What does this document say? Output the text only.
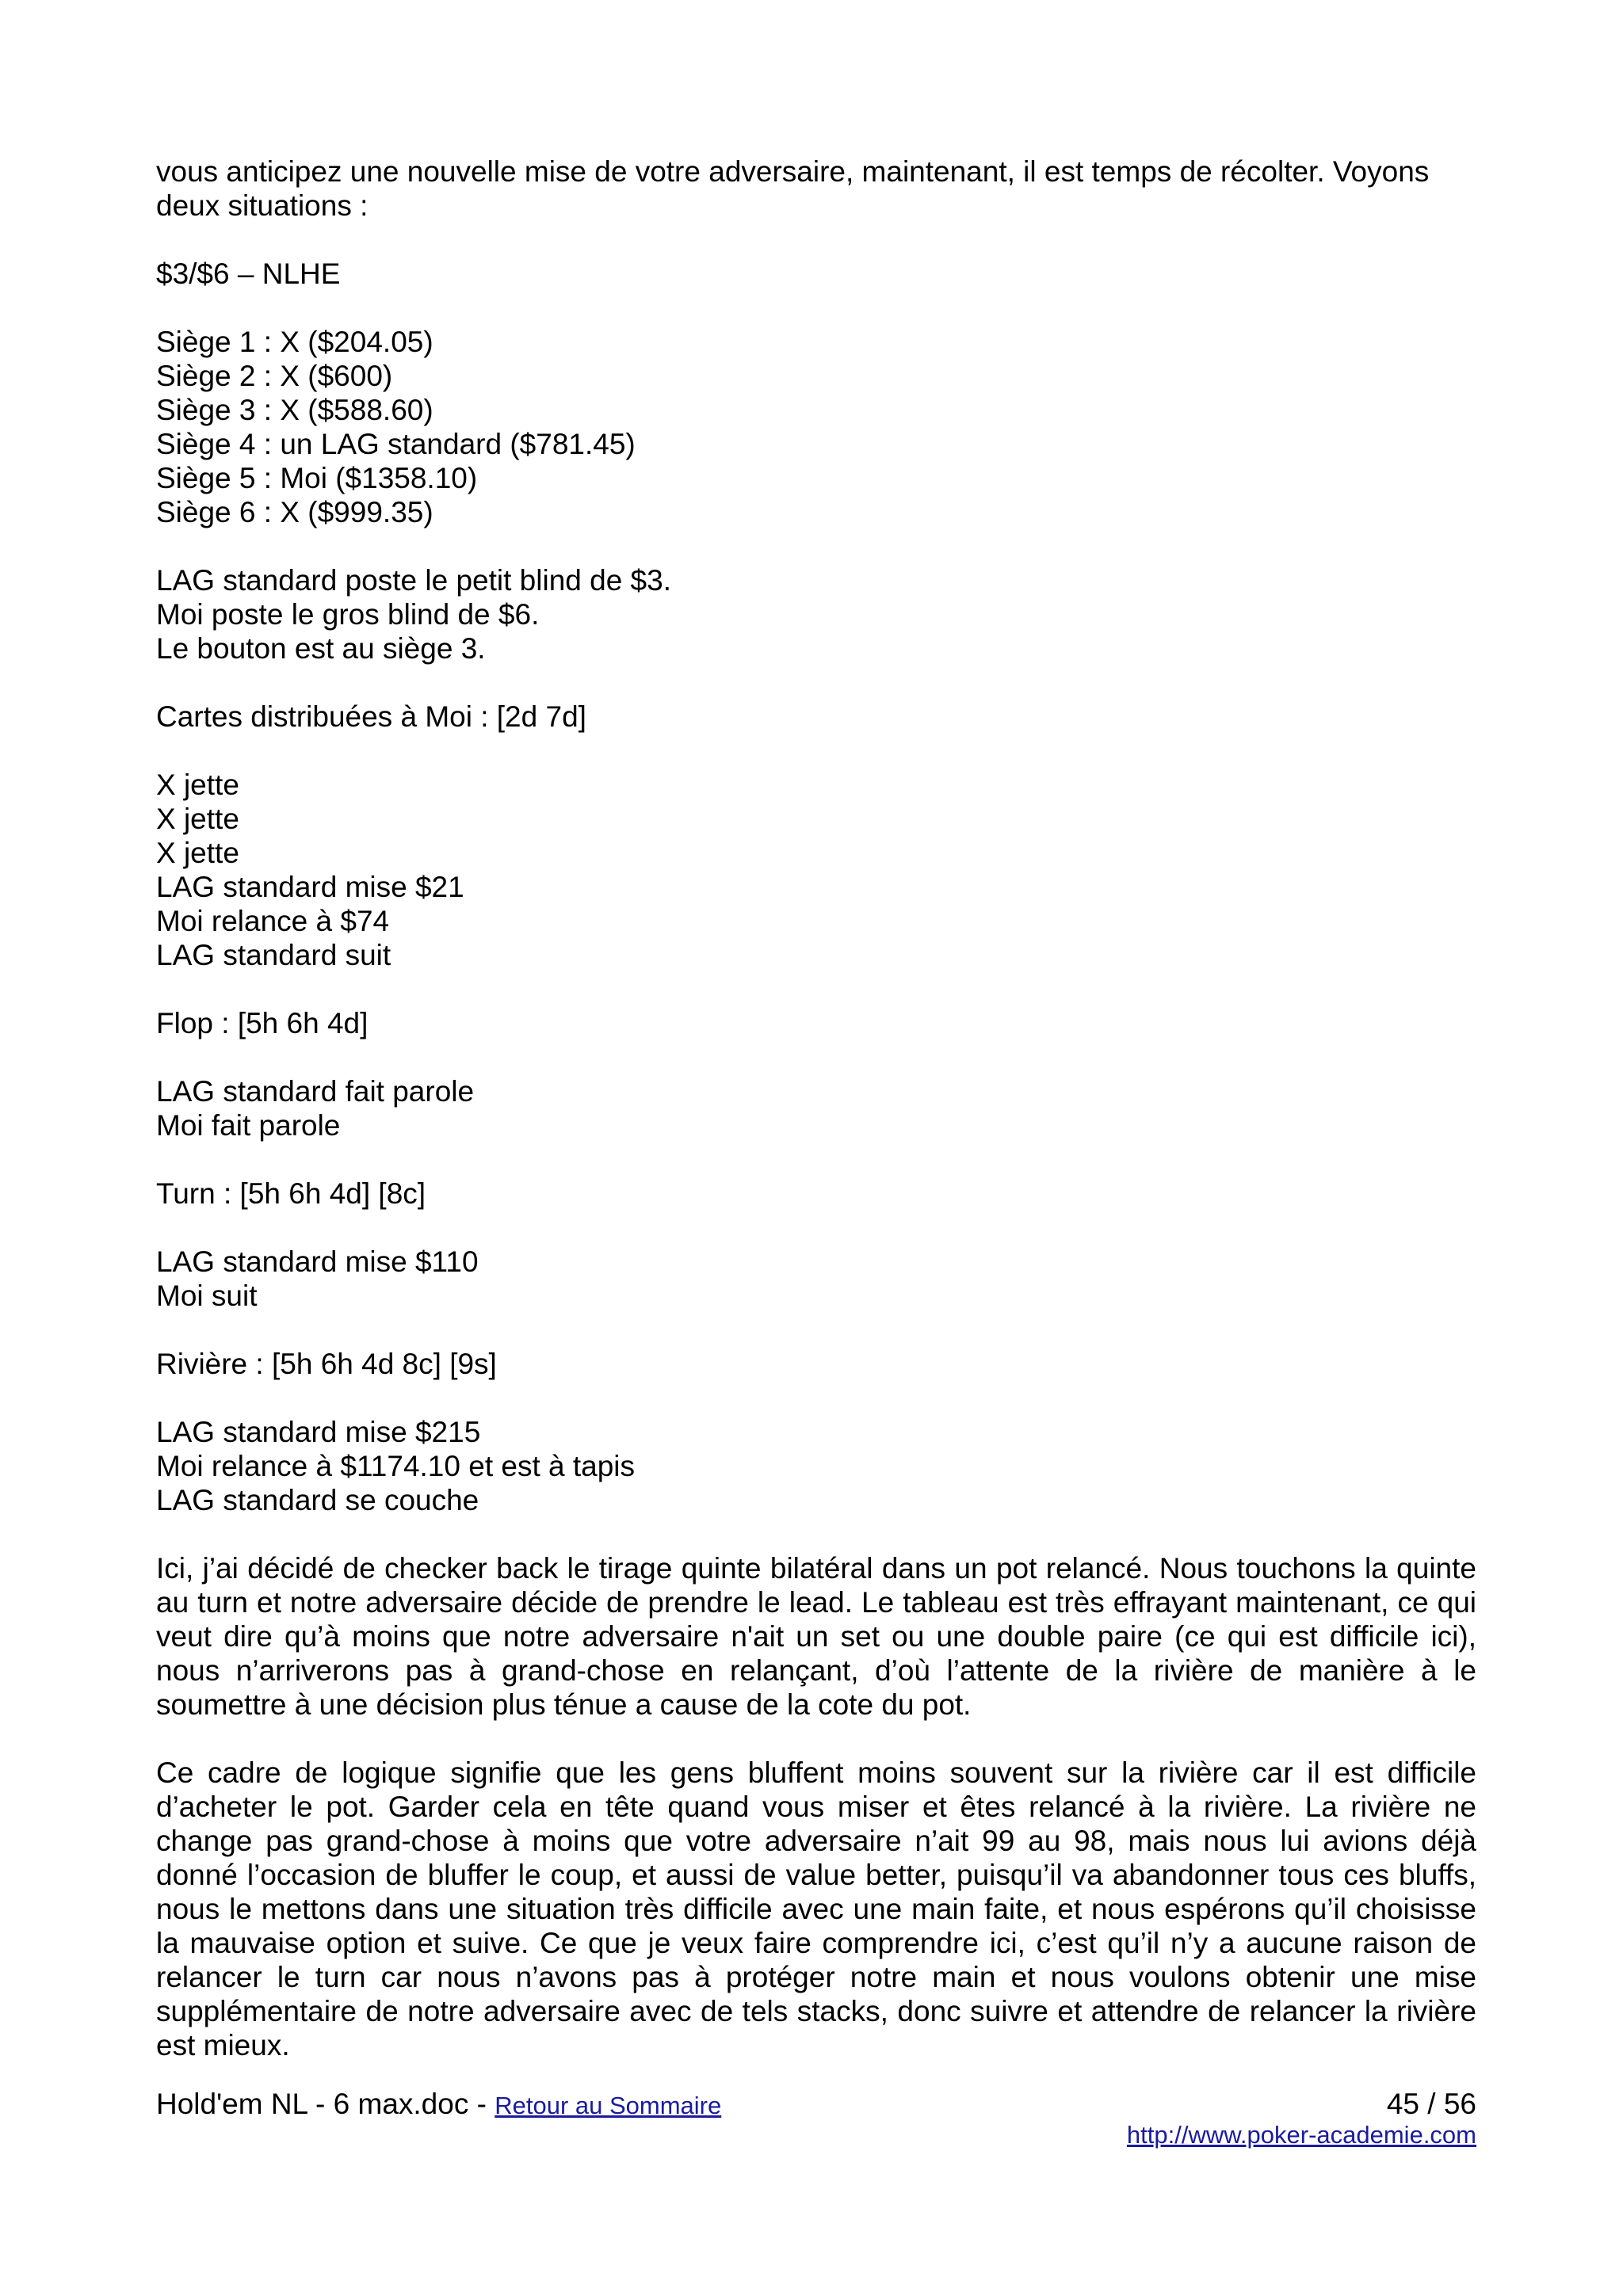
vous anticipez une nouvelle mise de votre adversaire, maintenant, il est temps de récolter. Voyons
deux situations :
$3/$6 – NLHE
Siège 1 : X ($204.05)
Siège 2 : X ($600)
Siège 3 : X ($588.60)
Siège 4 : un LAG standard ($781.45)
Siège 5 : Moi ($1358.10)
Siège 6 : X ($999.35)
LAG standard poste le petit blind de $3.
Moi poste le gros blind de $6.
Le bouton est au siège 3.
Cartes distribuées à Moi : [2d 7d]
X jette
X jette
X jette
LAG standard mise $21
Moi relance à $74
LAG standard suit
Flop : [5h 6h 4d]
LAG standard fait parole
Moi fait parole
Turn : [5h 6h 4d] [8c]
LAG standard mise $110
Moi suit
Rivière : [5h 6h 4d 8c] [9s]
LAG standard mise $215
Moi relance à $1174.10 et est à tapis
LAG standard se couche

Ici, j’ai décidé de checker back le tirage quinte bilatéral dans un pot relancé. Nous touchons la quinte au turn et notre adversaire décide de prendre le lead. Le tableau est très effrayant maintenant, ce qui veut dire qu’à moins que notre adversaire n'ait un set ou une double paire (ce qui est difficile ici), nous n’arriverons pas à grand-chose en relançant, d’où l’attente de la rivière de manière à le soumettre à une décision plus ténue a cause de la cote du pot.

Ce cadre de logique signifie que les gens bluffent moins souvent sur la rivière car il est difficile d’acheter le pot. Garder cela en tête quand vous miser et êtes relancé à la rivière. La rivière ne change pas grand-chose à moins que votre adversaire n’ait 99 au 98, mais nous lui avions déjà donné l’occasion de bluffer le coup, et aussi de value better, puisqu’il va abandonner tous ces bluffs, nous le mettons dans une situation très difficile avec une main faite, et nous espérons qu’il choisisse la mauvaise option et suive. Ce que je veux faire comprendre ici, c’est qu’il n’y a aucune raison de relancer le turn car nous n’avons pas à protéger notre main et nous voulons obtenir une mise supplémentaire de notre adversaire avec de tels stacks, donc suivre et attendre de relancer la rivière est mieux.

Hold'em NL - 6 max.doc - Retour au Sommaire	45 / 56
http://www.poker-academie.com
